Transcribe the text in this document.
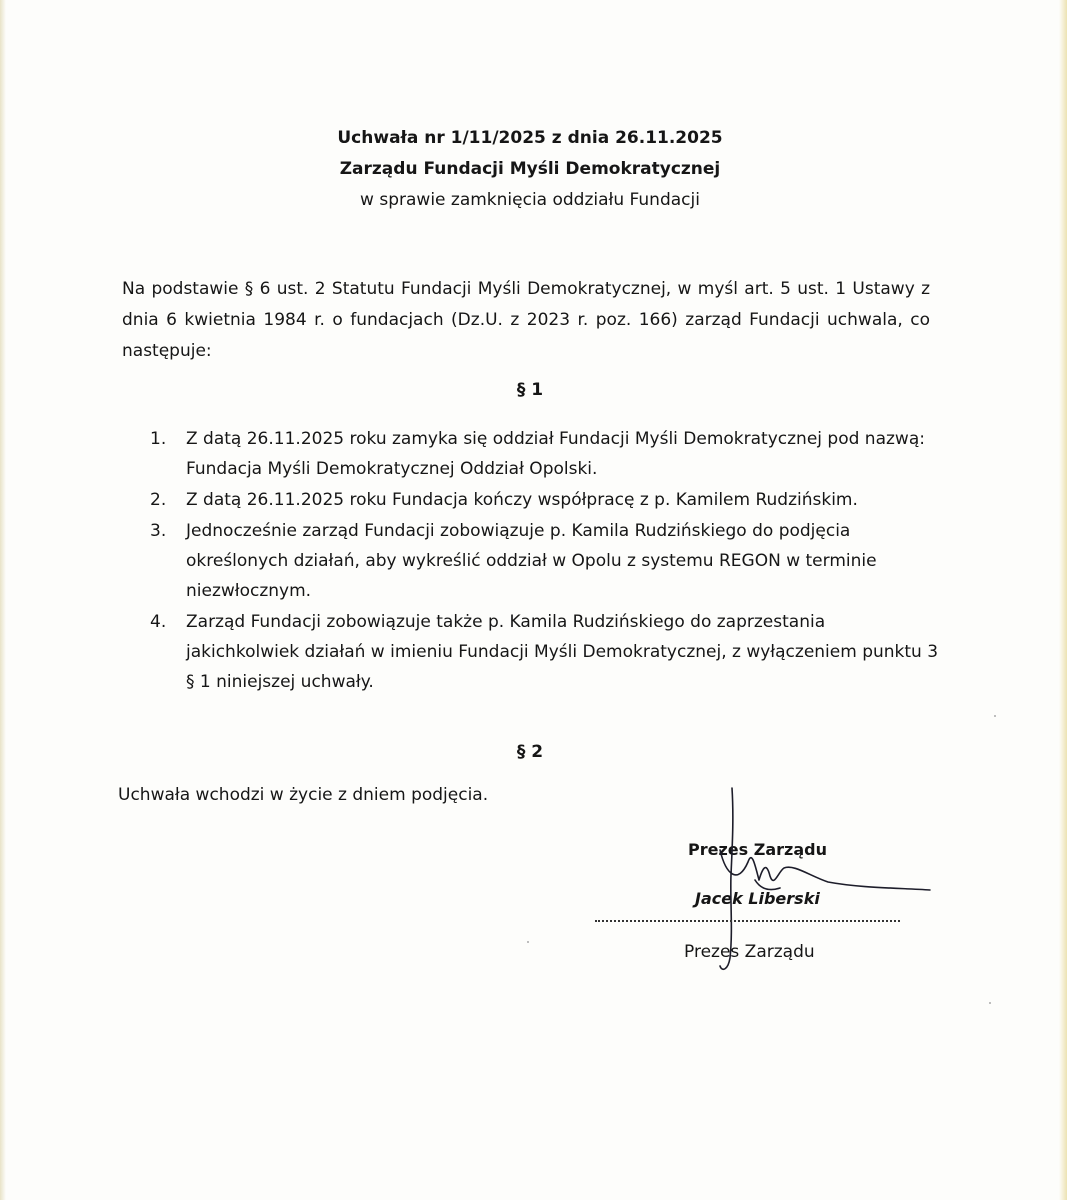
Uchwała nr 1/11/2025 z dnia 26.11.2025
Zarządu Fundacji Myśli Demokratycznej
w sprawie zamknięcia oddziału Fundacji
Na podstawie § 6 ust. 2 Statutu Fundacji Myśli Demokratycznej, w myśl art. 5 ust. 1 Ustawy z dnia 6 kwietnia 1984 r. o fundacjach (Dz.U. z 2023 r. poz. 166) zarząd Fundacji uchwala, co następuje:
§ 1
1.	Z datą 26.11.2025 roku zamyka się oddział Fundacji Myśli Demokratycznej pod nazwą: Fundacja Myśli Demokratycznej Oddział Opolski.
2.	Z datą 26.11.2025 roku Fundacja kończy współpracę z p. Kamilem Rudzińskim.
3.	Jednocześnie zarząd Fundacji zobowiązuje p. Kamila Rudzińskiego do podjęcia określonych działań, aby wykreślić oddział w Opolu z systemu REGON w terminie niezwłocznym.
4.	Zarząd Fundacji zobowiązuje także p. Kamila Rudzińskiego do zaprzestania jakichkolwiek działań w imieniu Fundacji Myśli Demokratycznej, z wyłączeniem punktu 3 § 1 niniejszej uchwały.
§ 2
Uchwała wchodzi w życie z dniem podjęcia.
Prezes Zarządu
Jacek Liberski
Prezes Zarządu
